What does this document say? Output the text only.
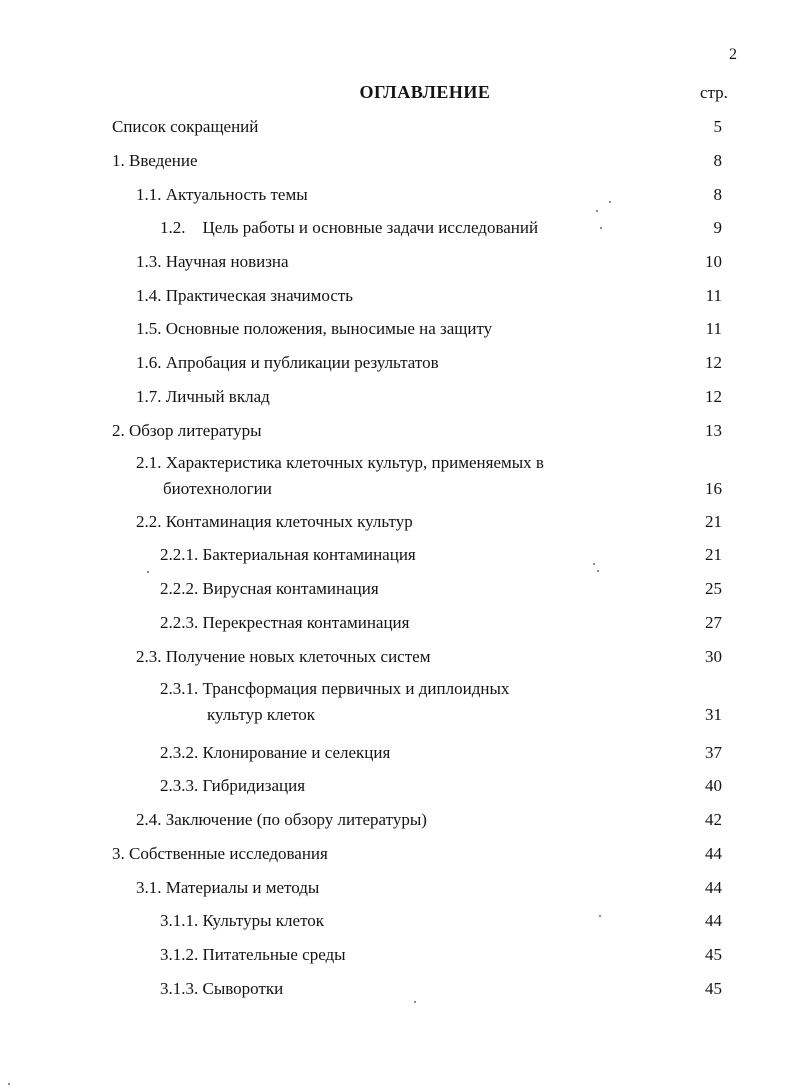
2
ОГЛАВЛЕНИЕ	стр.
Список сокращений	5
1. Введение	8
1.1. Актуальность темы	8
1.2.    Цель работы и основные задачи исследований	9
1.3. Научная новизна	10
1.4. Практическая значимость	11
1.5. Основные положения, выносимые на защиту	11
1.6. Апробация и публикации результатов	12
1.7. Личный вклад	12
2. Обзор литературы	13
2.1. Характеристика клеточных культур, применяемых в
биотехнологии	16
2.2. Контаминация клеточных культур	21
2.2.1. Бактериальная контаминация	21
2.2.2. Вирусная контаминация	25
2.2.3. Перекрестная контаминация	27
2.3. Получение новых клеточных систем	30
2.3.1. Трансформация первичных и диплоидных
культур клеток	31
2.3.2. Клонирование и селекция	37
2.3.3. Гибридизация	40
2.4. Заключение (по обзору литературы)	42
3. Собственные исследования	44
3.1. Материалы и методы	44
3.1.1. Культуры клеток	44
3.1.2. Питательные среды	45
3.1.3. Сыворотки	45
